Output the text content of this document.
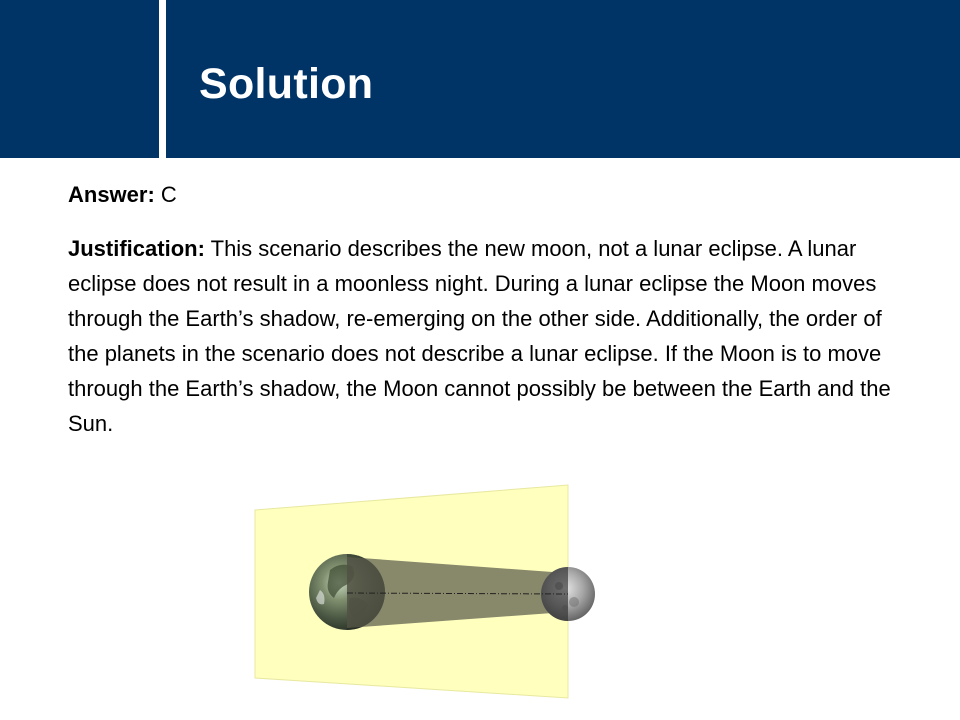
Solution

Answer: C

Justification: This scenario describes the new moon, not a lunar eclipse. A lunar eclipse does not result in a moonless night. During a lunar eclipse the Moon moves through the Earth’s shadow, re-emerging on the other side. Additionally, the order of the planets in the scenario does not describe a lunar eclipse. If the Moon is to move through the Earth’s shadow, the Moon cannot possibly be between the Earth and the Sun.
